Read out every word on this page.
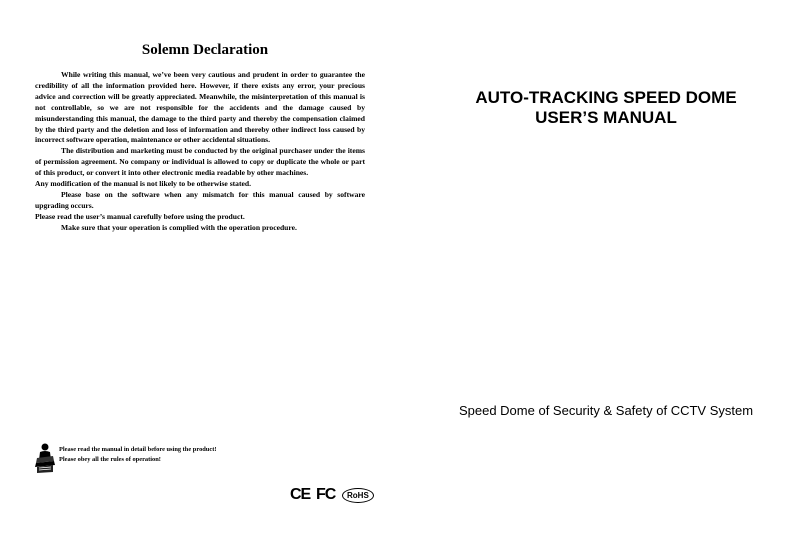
Solemn Declaration

While writing this manual, we’ve been very cautious and prudent in order to guarantee the credibility of all the information provided here. However, if there exists any error, your precious advice and correction will be greatly appreciated. Meanwhile, the misinterpretation of this manual is not controllable, so we are not responsible for the accidents and the damage caused by misunderstanding this manual, the damage to the third party and thereby the compensation claimed by the third party and the deletion and loss of information and thereby other indirect loss caused by incorrect software operation, maintenance or other accidental situations.

The distribution and marketing must be conducted by the original purchaser under the items of permission agreement. No company or individual is allowed to copy or duplicate the whole or part of this product, or convert it into other electronic media readable by other machines.

Any modification of the manual is not likely to be otherwise stated.

Please base on the software when any mismatch for this manual caused by software upgrading occurs.

Please read the user’s manual carefully before using the product.

Make sure that your operation is complied with the operation procedure.

Please read the manual in detail before using the product!
Please obey all the rules of operation!
CE FC	RoHS
AUTO-TRACKING SPEED DOME
USER’S MANUAL
Speed Dome of Security & Safety of CCTV System
